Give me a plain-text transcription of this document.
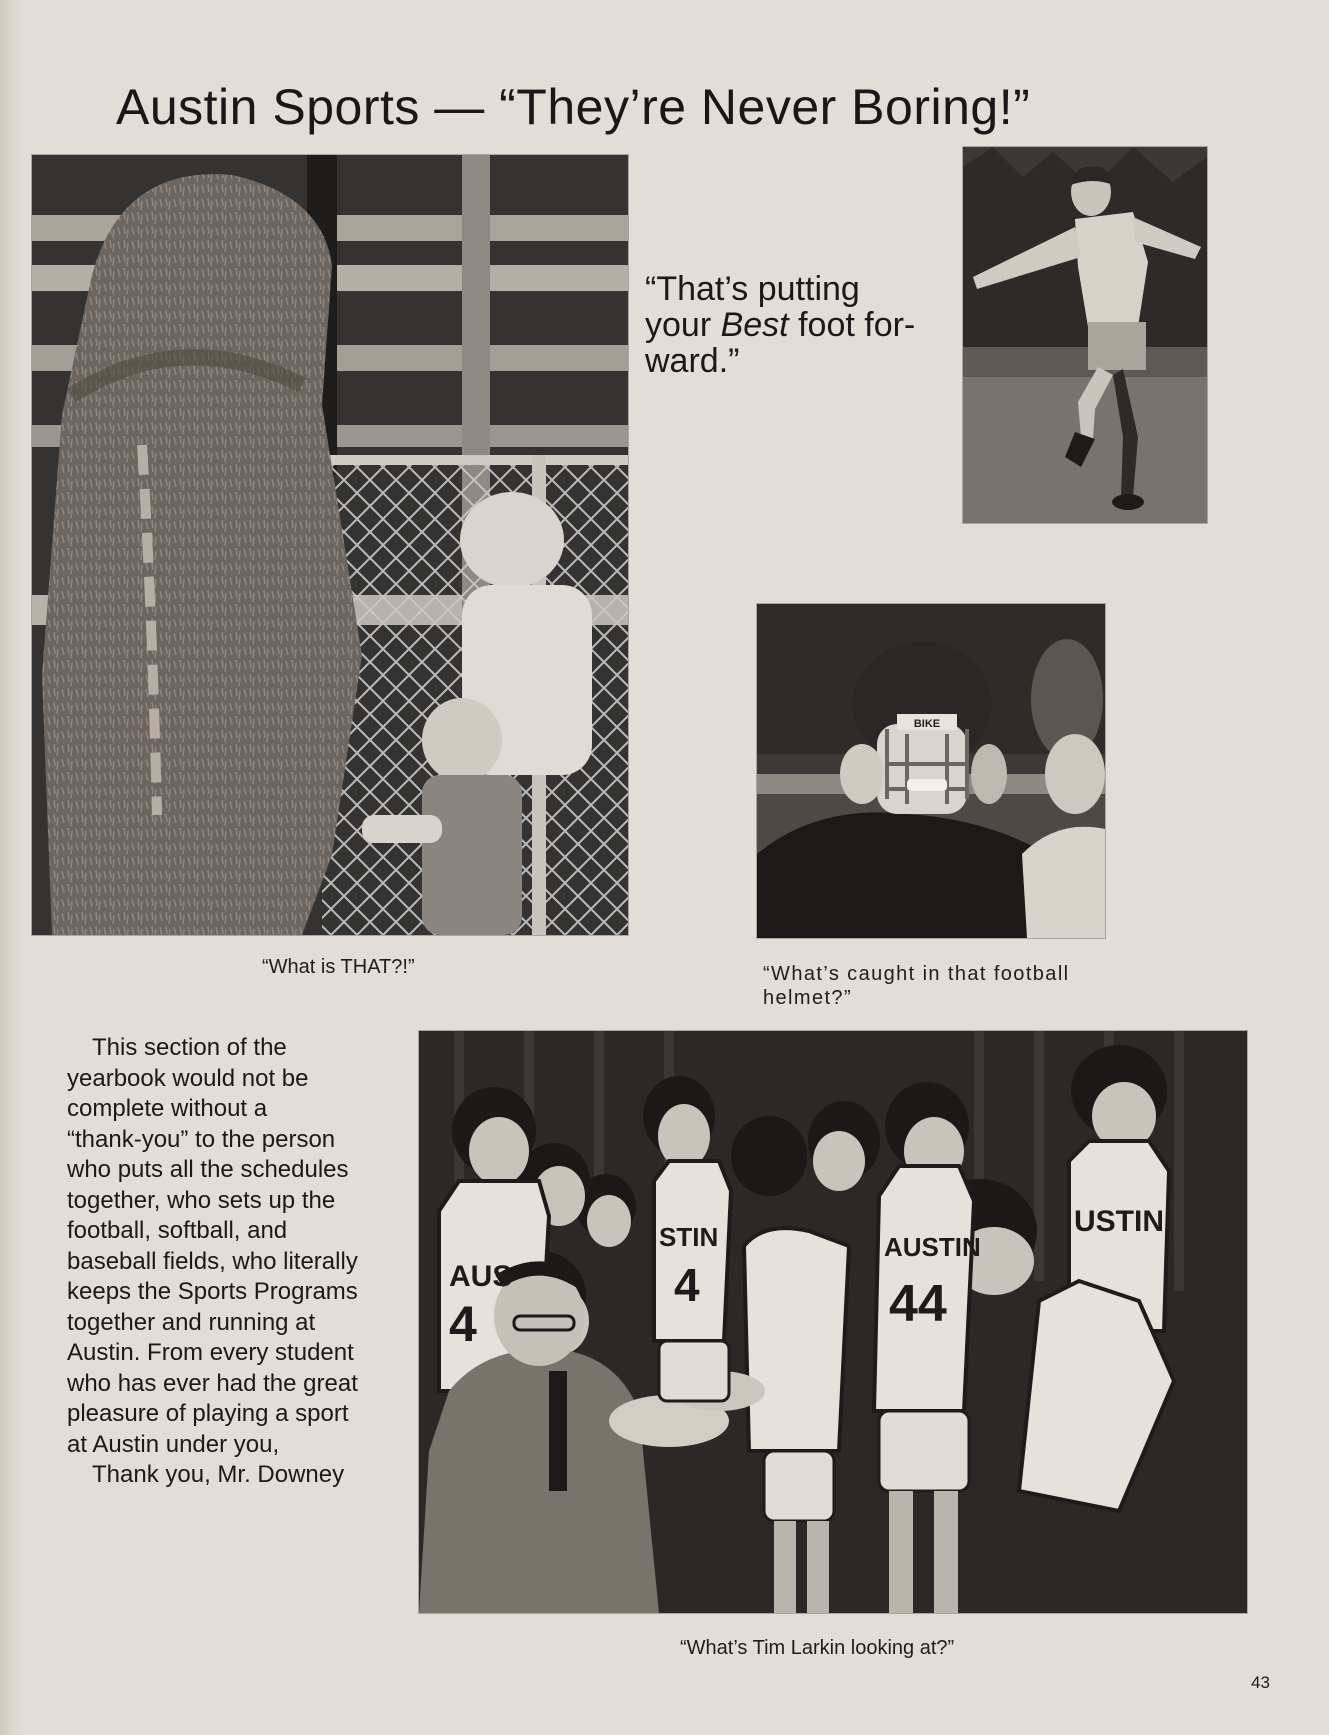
Austin Sports — “They’re Never Boring!”

“What is THAT?!”

“That’s putting
your Best foot for-
ward.”

BIKE

“What’s caught in that football
helmet?”

This section of the
yearbook would not be
complete without a
“thank-you” to the person
who puts all the schedules
together, who sets up the
football, softball, and
baseball fields, who literally
keeps the Sports Programs
together and running at
Austin. From every student
who has ever had the great
pleasure of playing a sport
at Austin under you,
Thank you, Mr. Downey
AUS
4
STIN
4
AUSTIN
44
USTIN

“What’s Tim Larkin looking at?”

43
